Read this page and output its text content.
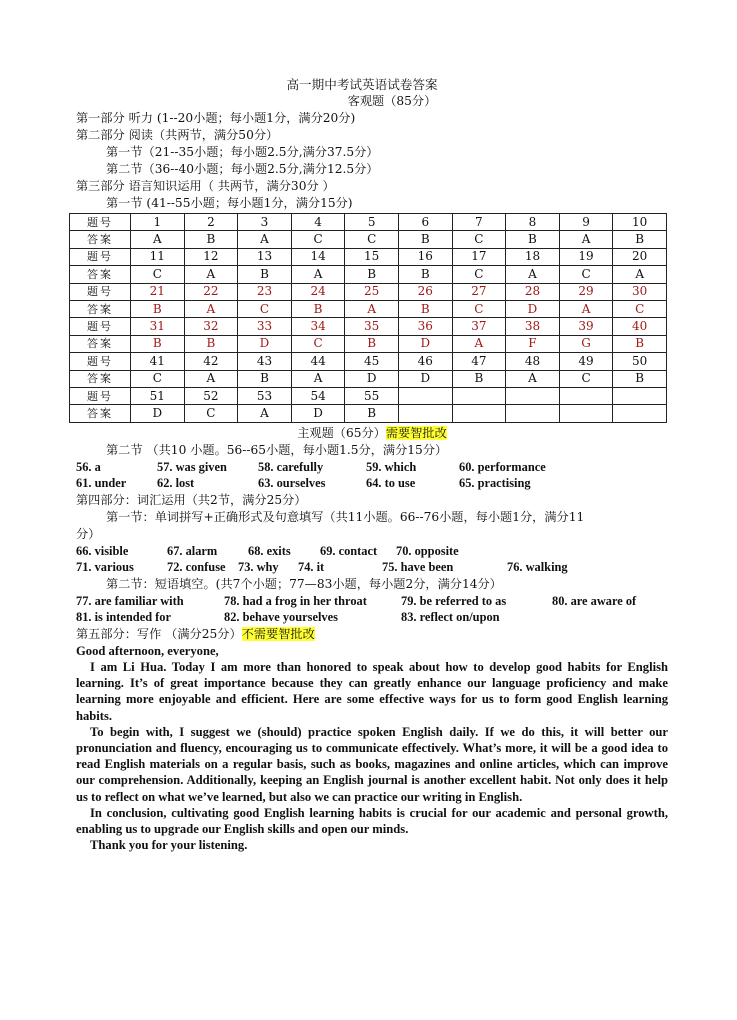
高一期中考试英语试卷答案
客观题（85分）
第一部分 听力 (1--20小题；每小题1分，满分20分)
第二部分 阅读（共两节，满分50分）
第一节（21--35小题；每小题2.5分,满分37.5分）
第二节（36--40小题；每小题2.5分,满分12.5分）
第三部分 语言知识运用（ 共两节，满分30分 ）
第一节 (41--55小题；每小题1分，满分15分)
题号	1	2	3	4	5	6	7	8	9	10
答案	A	B	A	C	C	B	C	B	A	B
题号	11	12	13	14	15	16	17	18	19	20
答案	C	A	B	A	B	B	C	A	C	A
题号	21	22	23	24	25	26	27	28	29	30
答案	B	A	C	B	A	B	C	D	A	C
题号	31	32	33	34	35	36	37	38	39	40
答案	B	B	D	C	B	D	A	F	G	B
题号	41	42	43	44	45	46	47	48	49	50
答案	C	A	B	A	D	D	B	A	C	B
题号	51	52	53	54	55					
答案	D	C	A	D	B					
主观题（65分）需要智批改
第二节 （共10 小题。56--65小题，每小题1.5分，满分15分）
56. a	57. was given	58. carefully	59. which	60. performance
61. under	62. lost	63. ourselves	64. to use	65. practising
第四部分：词汇运用（共2节，满分25分）
第一节：单词拼写+正确形式及句意填写（共11小题。66--76小题，每小题1分，满分11
分）
66. visible	67. alarm	68. exits	69. contact	70. opposite
71. various	72. confuse	73. why	74. it	75. have been	76. walking
第二节：短语填空。(共7个小题；77—83小题，每小题2分，满分14分）
77. are familiar with	78. had a frog in her throat	79. be referred to as	80. are aware of
81. is intended for	82. behave yourselves	83. reflect on/upon
第五部分：写作 （满分25分）不需要智批改

Good afternoon, everyone,

I am Li Hua. Today I am more than honored to speak about how to develop good habits for English learning. It’s of great importance because they can greatly enhance our language proficiency and make learning more enjoyable and efficient. Here are some effective ways for us to form good English learning habits.

To begin with, I suggest we (should) practice spoken English daily. If we do this, it will better our pronunciation and fluency, encouraging us to communicate effectively. What’s more, it will be a good idea to read English materials on a regular basis, such as books, magazines and online articles, which can improve our comprehension. Additionally, keeping an English journal is another excellent habit. Not only does it help us to reflect on what we’ve learned, but also we can practice our writing in English.

In conclusion, cultivating good English learning habits is crucial for our academic and personal growth, enabling us to upgrade our English skills and open our minds.

Thank you for your listening.
